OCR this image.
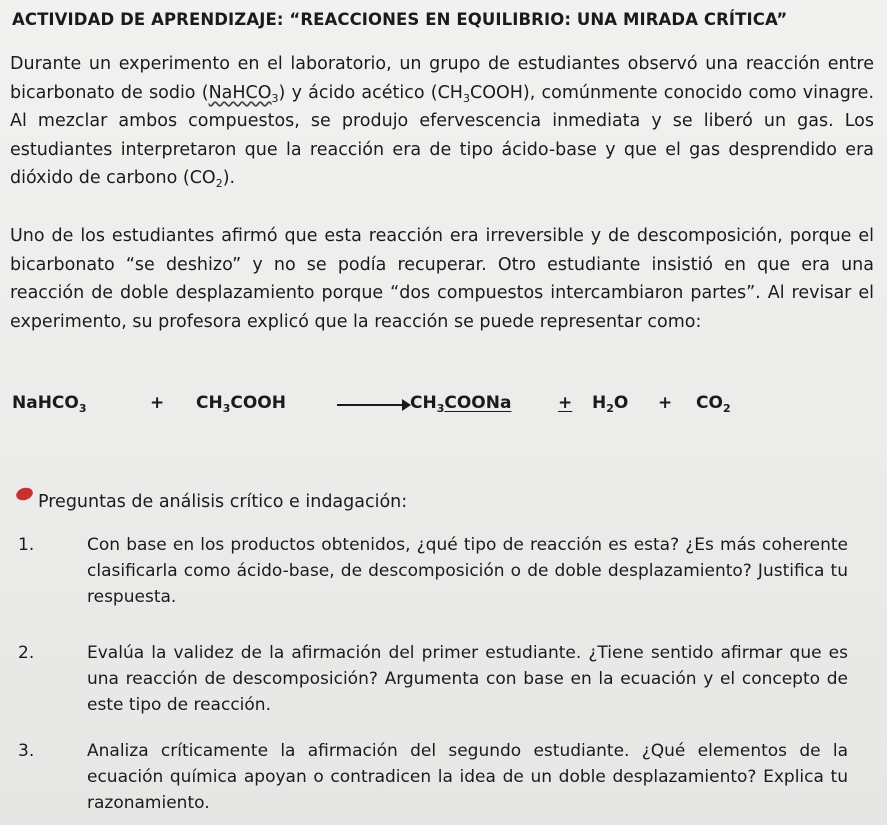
ACTIVIDAD DE APRENDIZAJE: “REACCIONES EN EQUILIBRIO: UNA MIRADA CRÍTICA”
Durante un experimento en el laboratorio, un grupo de estudiantes observó una reacción entre bicarbonato de sodio (NaHCO$_3$) y ácido acético $(CH_3COOH)$, comúnmente conocido como vinagre. Al mezclar ambos compuestos, se produjo efervescencia inmediata y se liberó un gas. Los estudiantes interpretaron que la reacción era de tipo ácido-base y que el gas desprendido era dióxido de carbono $(CO_2)$.
Uno de los estudiantes afirmó que esta reacción era irreversible y de descomposición, porque el bicarbonato “se deshizo” y no se podía recuperar. Otro estudiante insistió en que era una reacción de doble desplazamiento porque “dos compuestos intercambiaron partes”. Al revisar el experimento, su profesora explicó que la reacción se puede representar como:
NaHCO$_3$	+ $CH_3COOH$	$CH_3COONa$	+ $H_2O + CO_2$
Preguntas de análisis crítico e indagación:
1.	Con base en los productos obtenidos, ¿qué tipo de reacción es esta? ¿Es más coherente clasificarla como ácido-base, de descomposición o de doble desplazamiento? Justifica tu respuesta.
2.	Evalúa la validez de la afirmación del primer estudiante. ¿Tiene sentido afirmar que es una reacción de descomposición? Argumenta con base en la ecuación y el concepto de este tipo de reacción.
3.	Analiza críticamente la afirmación del segundo estudiante. ¿Qué elementos de la ecuación química apoyan o contradicen la idea de un doble desplazamiento? Explica tu razonamiento.
